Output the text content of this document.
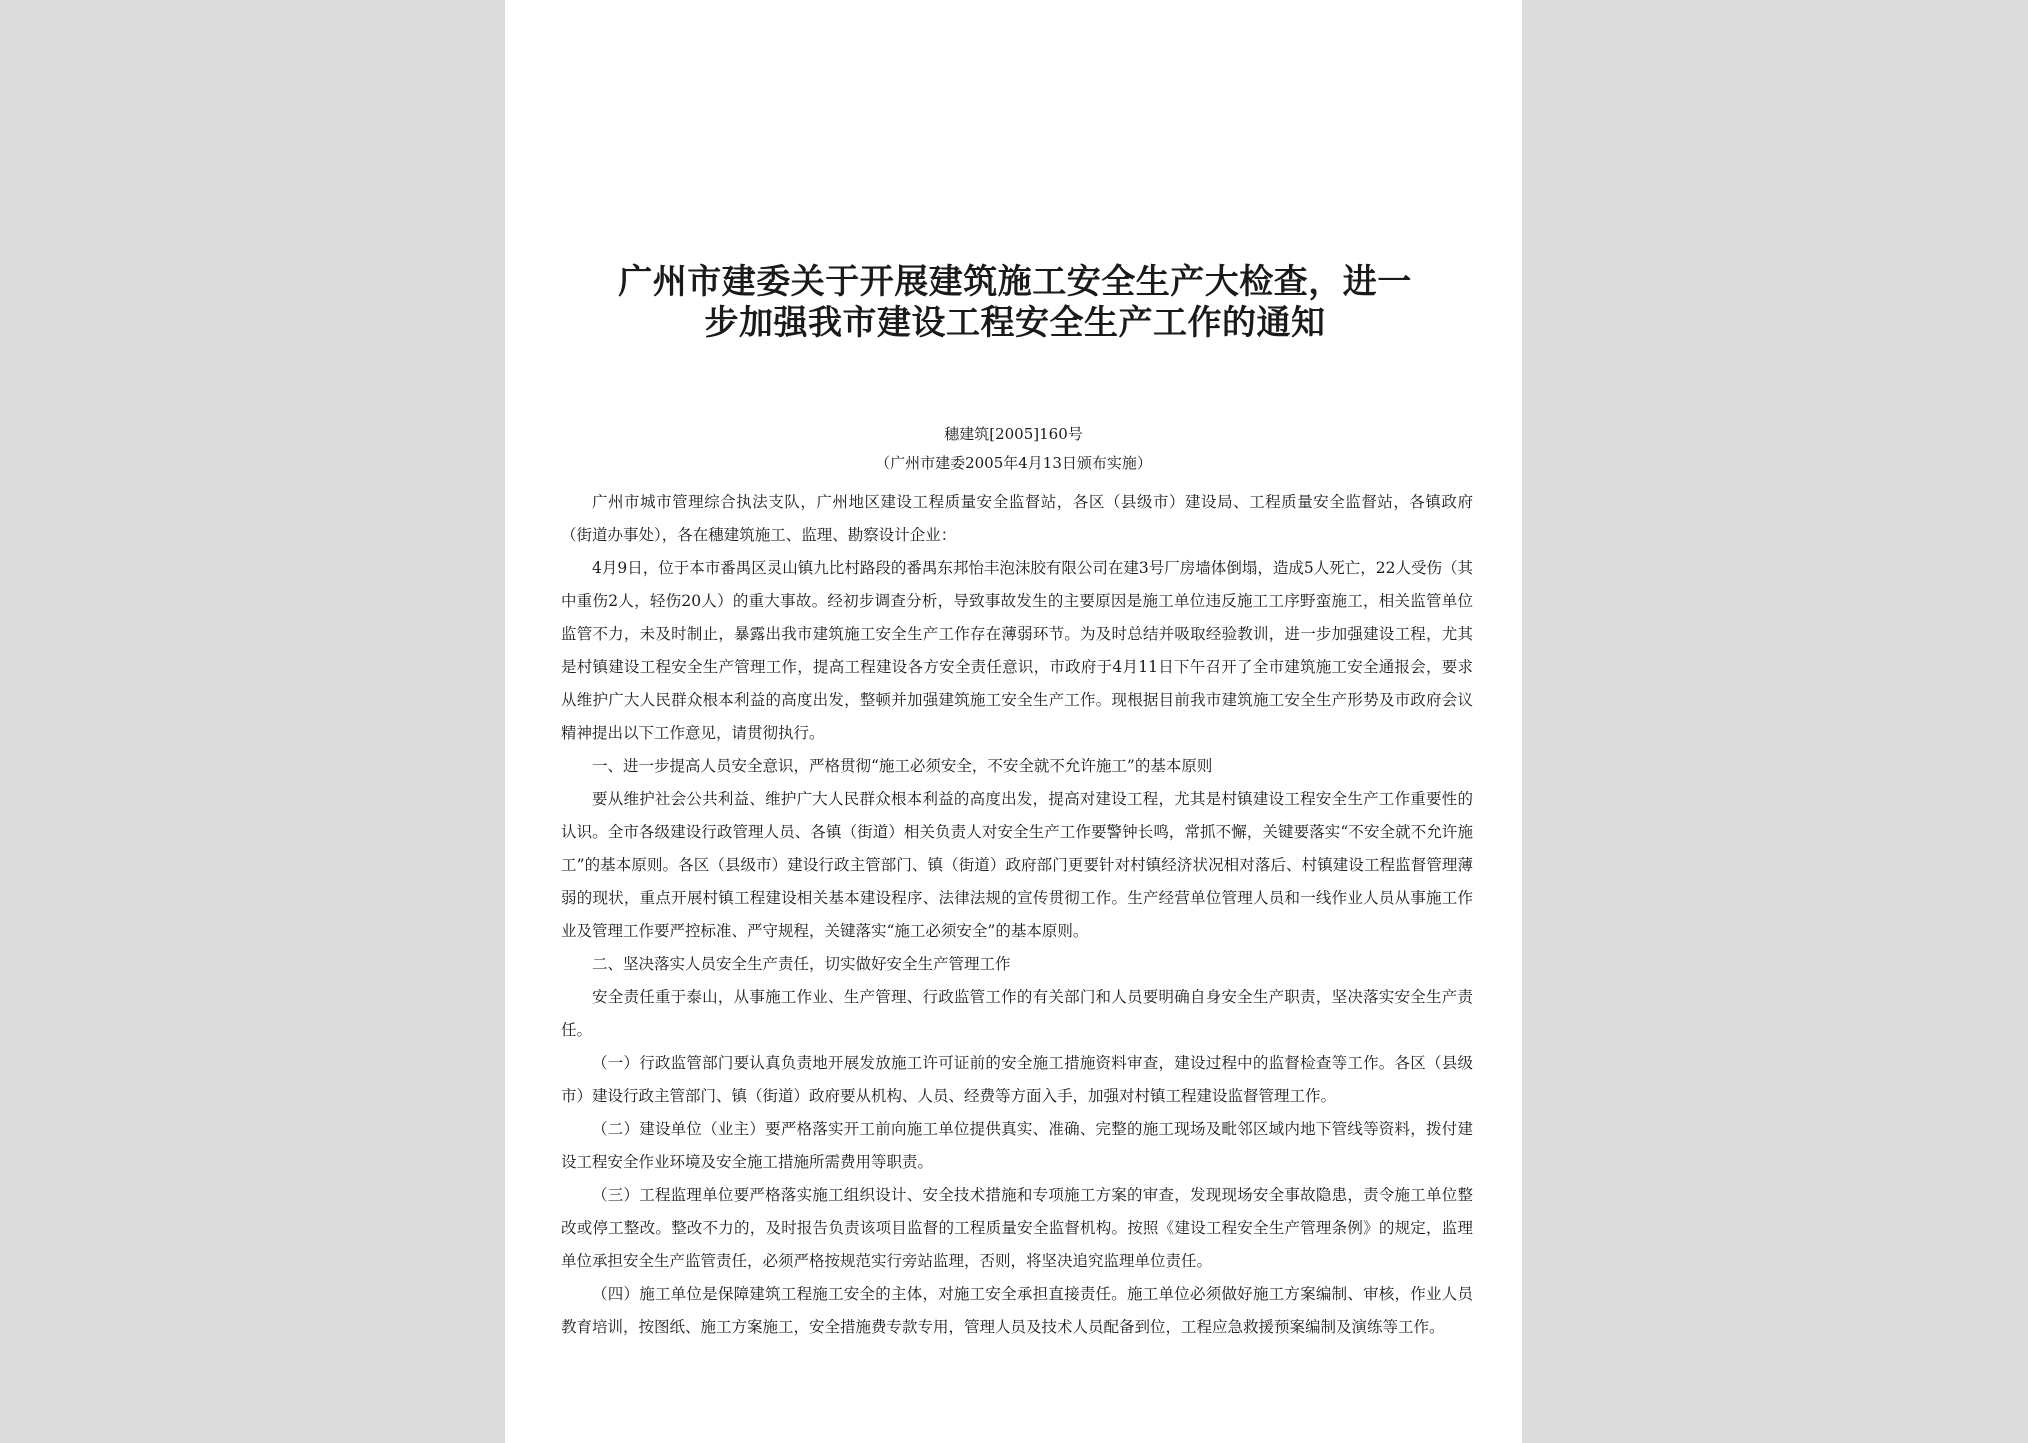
广州市建委关于开展建筑施工安全生产大检查，进一
步加强我市建设工程安全生产工作的通知
穗建筑[2005]160号
（广州市建委2005年4月13日颁布实施）

广州市城市管理综合执法支队，广州地区建设工程质量安全监督站，各区（县级市）建设局、工程质量安全监督站，各镇政府（街道办事处），各在穗建筑施工、监理、勘察设计企业：

4月9日，位于本市番禺区灵山镇九比村路段的番禺东邦怡丰泡沫胶有限公司在建3号厂房墙体倒塌，造成5人死亡，22人受伤（其中重伤2人，轻伤20人）的重大事故。经初步调查分析，导致事故发生的主要原因是施工单位违反施工工序野蛮施工，相关监管单位监管不力，未及时制止，暴露出我市建筑施工安全生产工作存在薄弱环节。为及时总结并吸取经验教训，进一步加强建设工程，尤其是村镇建设工程安全生产管理工作，提高工程建设各方安全责任意识，市政府于4月11日下午召开了全市建筑施工安全通报会，要求从维护广大人民群众根本利益的高度出发，整顿并加强建筑施工安全生产工作。现根据目前我市建筑施工安全生产形势及市政府会议精神提出以下工作意见，请贯彻执行。

一、进一步提高人员安全意识，严格贯彻“施工必须安全，不安全就不允许施工”的基本原则

要从维护社会公共利益、维护广大人民群众根本利益的高度出发，提高对建设工程，尤其是村镇建设工程安全生产工作重要性的认识。全市各级建设行政管理人员、各镇（街道）相关负责人对安全生产工作要警钟长鸣，常抓不懈，关键要落实“不安全就不允许施工”的基本原则。各区（县级市）建设行政主管部门、镇（街道）政府部门更要针对村镇经济状况相对落后、村镇建设工程监督管理薄弱的现状，重点开展村镇工程建设相关基本建设程序、法律法规的宣传贯彻工作。生产经营单位管理人员和一线作业人员从事施工作业及管理工作要严控标准、严守规程，关键落实“施工必须安全”的基本原则。

二、坚决落实人员安全生产责任，切实做好安全生产管理工作

安全责任重于泰山，从事施工作业、生产管理、行政监管工作的有关部门和人员要明确自身安全生产职责，坚决落实安全生产责任。

（一）行政监管部门要认真负责地开展发放施工许可证前的安全施工措施资料审查，建设过程中的监督检查等工作。各区（县级市）建设行政主管部门、镇（街道）政府要从机构、人员、经费等方面入手，加强对村镇工程建设监督管理工作。

（二）建设单位（业主）要严格落实开工前向施工单位提供真实、准确、完整的施工现场及毗邻区域内地下管线等资料，拨付建设工程安全作业环境及安全施工措施所需费用等职责。

（三）工程监理单位要严格落实施工组织设计、安全技术措施和专项施工方案的审查，发现现场安全事故隐患，责令施工单位整改或停工整改。整改不力的，及时报告负责该项目监督的工程质量安全监督机构。按照《建设工程安全生产管理条例》的规定，监理单位承担安全生产监管责任，必须严格按规范实行旁站监理，否则，将坚决追究监理单位责任。

（四）施工单位是保障建筑工程施工安全的主体，对施工安全承担直接责任。施工单位必须做好施工方案编制、审核，作业人员教育培训，按图纸、施工方案施工，安全措施费专款专用，管理人员及技术人员配备到位，工程应急救援预案编制及演练等工作。
